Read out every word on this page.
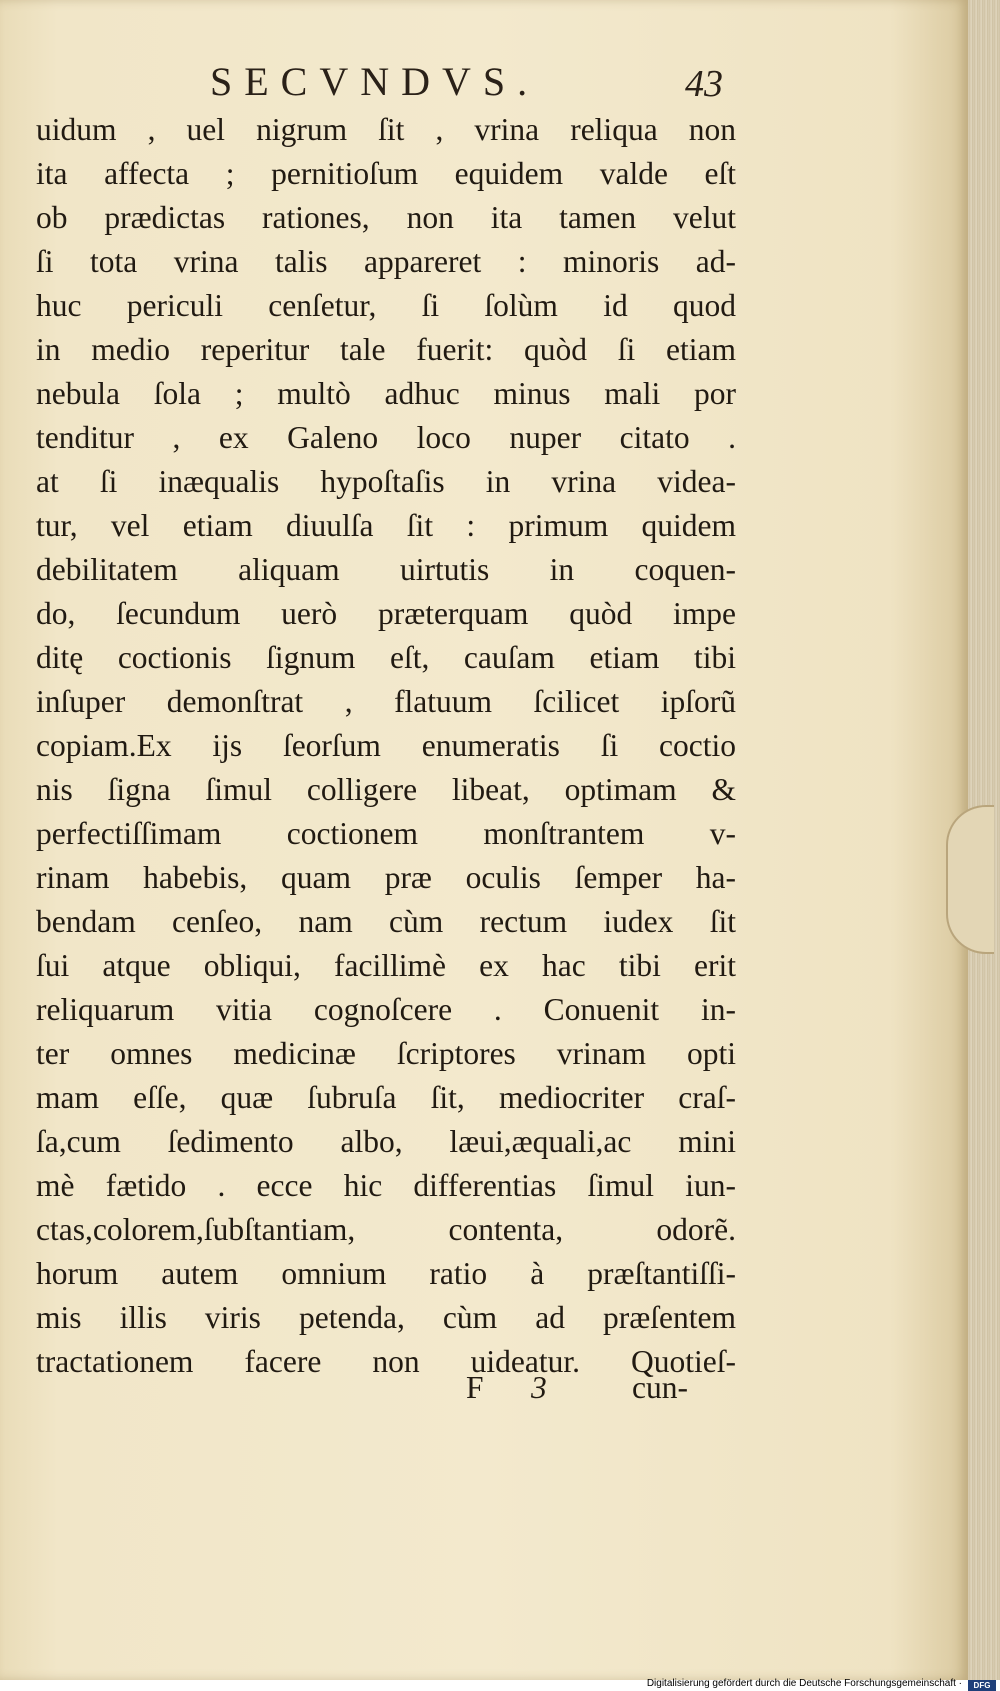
SECVNDVS.	43
uidum , uel nigrum ſit , vrina reliqua non
ita affecta ; pernitioſum equidem valde eſt
ob prædictas rationes, non ita tamen velut
ſi tota vrina talis appareret : minoris ad-
huc periculi cenſetur, ſi ſolùm id quod
in medio reperitur tale fuerit: quòd ſi etiam
nebula ſola ; multò adhuc minus mali por
tenditur , ex Galeno loco nuper citato .
at ſi inæqualis hypoſtaſis in vrina videa-
tur, vel etiam diuulſa ſit : primum quidem
debilitatem aliquam uirtutis in coquen-
do, ſecundum uerò præterquam quòd impe
ditę coctionis ſignum eſt, cauſam etiam tibi
inſuper demonſtrat , flatuum ſcilicet ipſorũ
copiam.Ex ijs ſeorſum enumeratis ſi coctio
nis ſigna ſimul colligere libeat, optimam &
perfectiſſimam coctionem monſtrantem v-
rinam habebis, quam præ oculis ſemper ha-
bendam cenſeo, nam cùm rectum iudex ſit
ſui atque obliqui, facillimè ex hac tibi erit
reliquarum vitia cognoſcere . Conuenit in-
ter omnes medicinæ ſcriptores vrinam opti
mam eſſe, quæ ſubruſa ſit, mediocriter craſ-
ſa,cum ſedimento albo, læui,æquali,ac mini
mè fætido . ecce hic differentias ſimul iun-
ctas,colorem,ſubſtantiam, contenta, odorẽ.
horum autem omnium ratio à præſtantiſſi-
mis illis viris petenda, cùm ad præſentem
tractationem facere non uideatur. Quotieſ-
F 3	cun-
Digitalisierung gefördert durch die Deutsche Forschungsgemeinschaft ·	DFG
